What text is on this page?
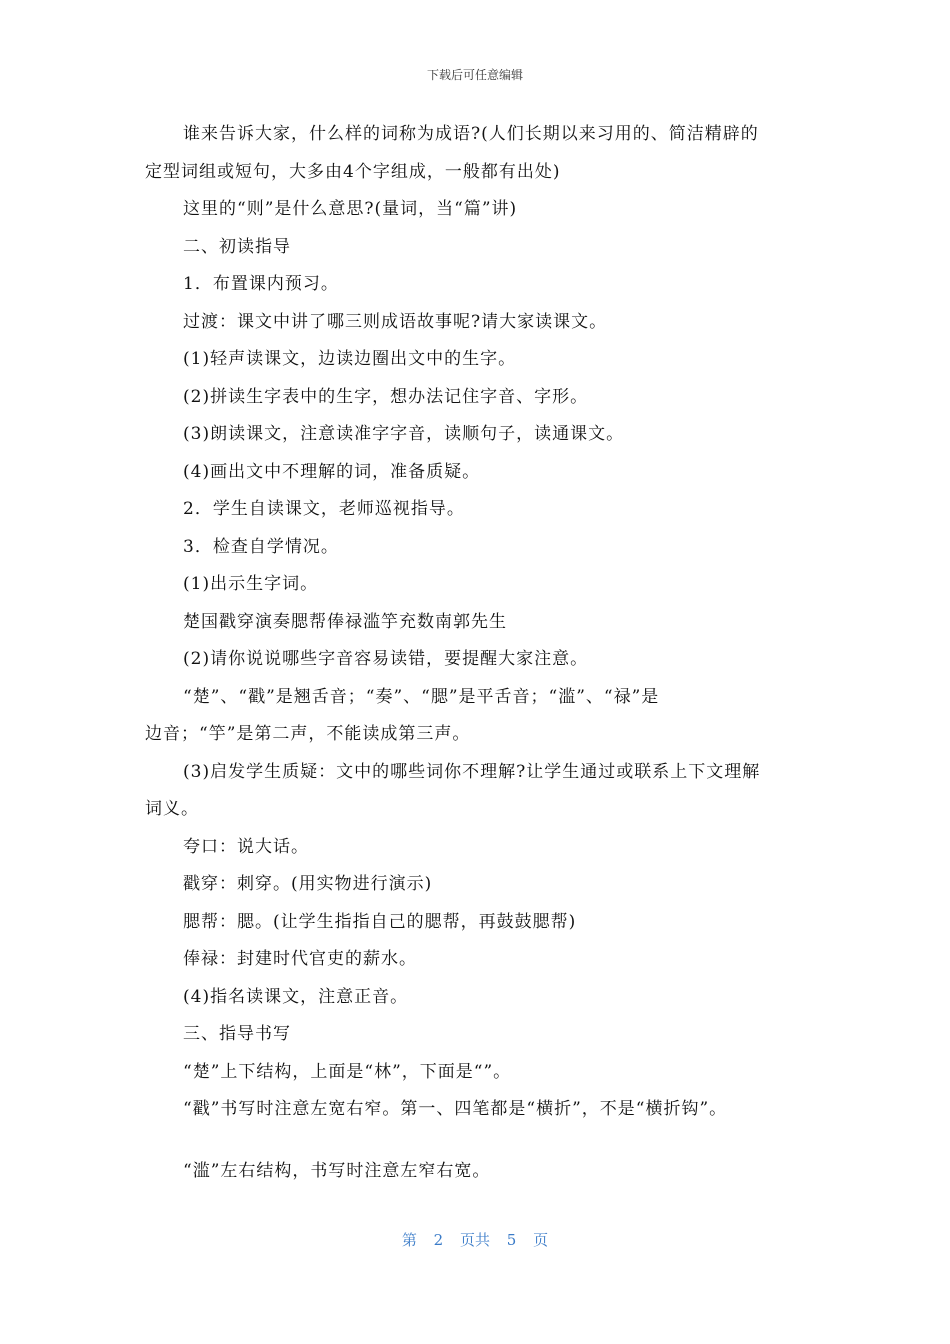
下载后可任意编辑
谁来告诉大家，什么样的词称为成语?(人们长期以来习用的、简洁精辟的
定型词组或短句，大多由4个字组成，一般都有出处)
这里的“则”是什么意思?(量词，当“篇”讲)
二、初读指导
1．布置课内预习。
过渡：课文中讲了哪三则成语故事呢?请大家读课文。
(1)轻声读课文，边读边圈出文中的生字。
(2)拼读生字表中的生字，想办法记住字音、字形。
(3)朗读课文，注意读准字字音，读顺句子，读通课文。
(4)画出文中不理解的词，准备质疑。
2．学生自读课文，老师巡视指导。
3．检查自学情况。
(1)出示生字词。
楚国戳穿演奏腮帮俸禄滥竽充数南郭先生
(2)请你说说哪些字音容易读错，要提醒大家注意。
“楚”、“戳”是翘舌音；“奏”、“腮”是平舌音；“滥”、“禄”是
边音；“竽”是第二声，不能读成第三声。
(3)启发学生质疑：文中的哪些词你不理解?让学生通过或联系上下文理解
词义。
夸口：说大话。
戳穿：刺穿。(用实物进行演示)
腮帮：腮。(让学生指指自己的腮帮，再鼓鼓腮帮)
俸禄：封建时代官吏的薪水。
(4)指名读课文，注意正音。
三、指导书写
“楚”上下结构，上面是“林”，下面是“”。
“戳”书写时注意左宽右窄。第一、四笔都是“横折”，不是“横折钩”。
“滥”左右结构，书写时注意左窄右宽。
第 2 页共 5 页
